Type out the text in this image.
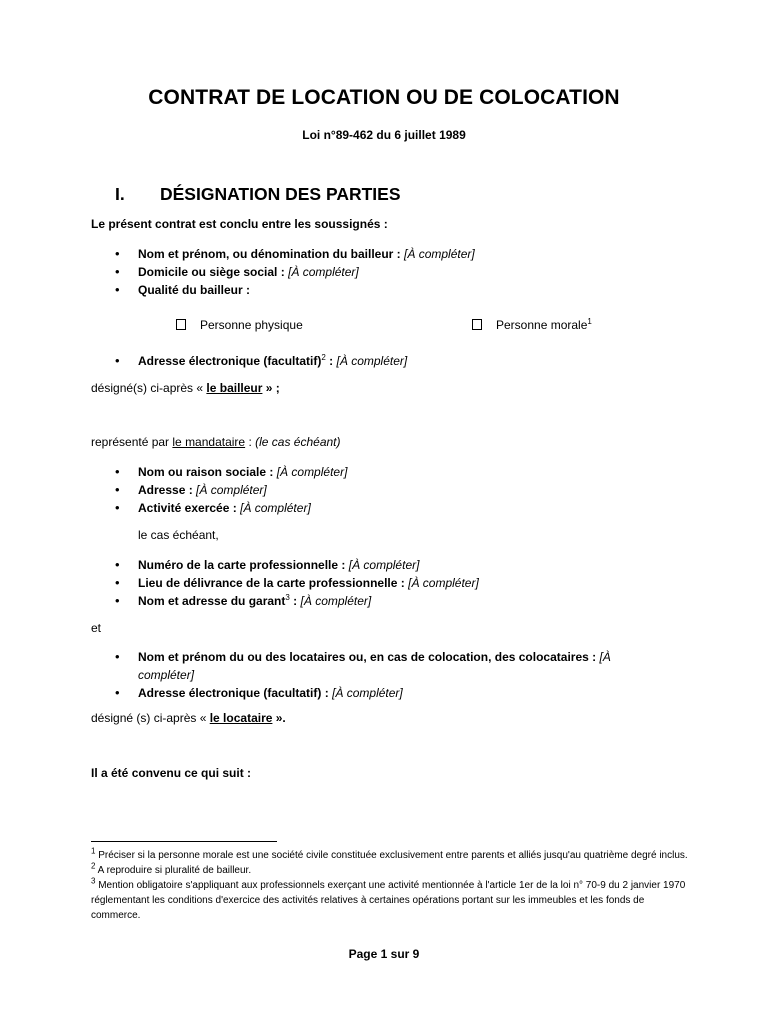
CONTRAT DE LOCATION OU DE COLOCATION
Loi n°89-462 du 6 juillet 1989
I. DÉSIGNATION DES PARTIES
Le présent contrat est conclu entre les soussignés :
• Nom et prénom, ou dénomination du bailleur : [À compléter]
• Domicile ou siège social : [À compléter]
• Qualité du bailleur :
Personne physique	Personne morale$^1$
• Adresse électronique (facultatif)$^2$ : [À compléter]
désigné(s) ci-après « le bailleur » ;
représenté par le mandataire : (le cas échéant)
• Nom ou raison sociale : [À compléter]
• Adresse : [À compléter]
• Activité exercée : [À compléter]
le cas échéant,
• Numéro de la carte professionnelle : [À compléter]
• Lieu de délivrance de la carte professionnelle : [À compléter]
• Nom et adresse du garant$^3$ : [À compléter]
et
• Nom et prénom du ou des locataires ou, en cas de colocation, des colocataires : [À
compléter]
• Adresse électronique (facultatif) : [À compléter]
désigné (s) ci-après « le locataire ».
Il a été convenu ce qui suit :
$^1$ Préciser si la personne morale est une société civile constituée exclusivement entre parents et alliés jusqu'au quatrième degré inclus.
$^2$ A reproduire si pluralité de bailleur.
$^3$ Mention obligatoire s'appliquant aux professionnels exerçant une activité mentionnée à l'article 1er de la loi n° 70-9 du 2 janvier 1970 réglementant les conditions d'exercice des activités relatives à certaines opérations portant sur les immeubles et les fonds de commerce.
Page 1 sur 9
